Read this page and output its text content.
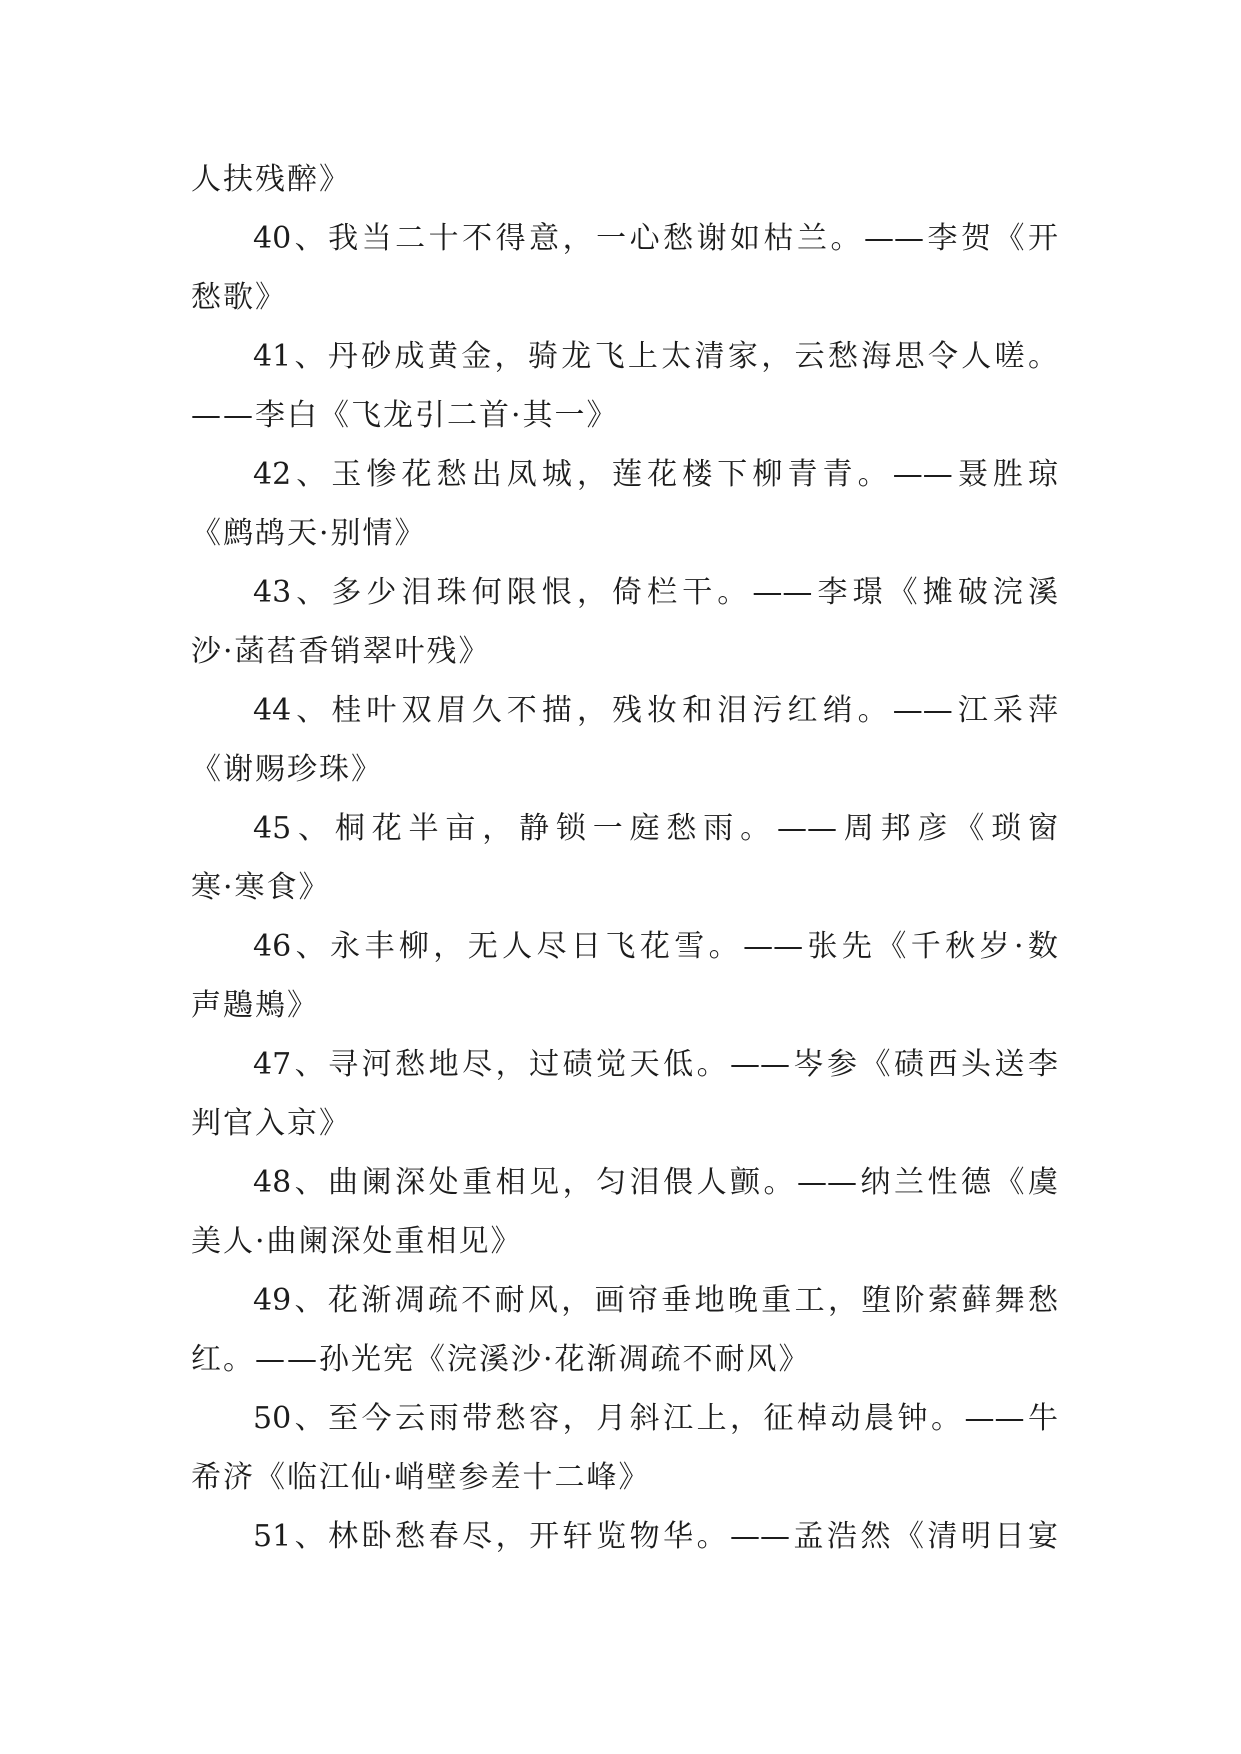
人扶残醉》
40、我当二十不得意，一心愁谢如枯兰。——李贺《开
愁歌》
41、丹砂成黄金，骑龙飞上太清家，云愁海思令人嗟。
——李白《飞龙引二首·其一》
42、玉惨花愁出凤城，莲花楼下柳青青。——聂胜琼
《鹧鸪天·别情》
43、多少泪珠何限恨，倚栏干。——李璟《摊破浣溪
沙·菡萏香销翠叶残》
44、桂叶双眉久不描，残妆和泪污红绡。——江采萍
《谢赐珍珠》
45、桐花半亩，静锁一庭愁雨。——周邦彦《琐窗
寒·寒食》
46、永丰柳，无人尽日飞花雪。——张先《千秋岁·数
声鶗鴂》
47、寻河愁地尽，过碛觉天低。——岑参《碛西头送李
判官入京》
48、曲阑深处重相见，匀泪偎人颤。——纳兰性德《虞
美人·曲阑深处重相见》
49、花渐凋疏不耐风，画帘垂地晚重工，堕阶萦藓舞愁
红。——孙光宪《浣溪沙·花渐凋疏不耐风》
50、至今云雨带愁容，月斜江上，征棹动晨钟。——牛
希济《临江仙·峭壁参差十二峰》
51、林卧愁春尽，开轩览物华。——孟浩然《清明日宴
